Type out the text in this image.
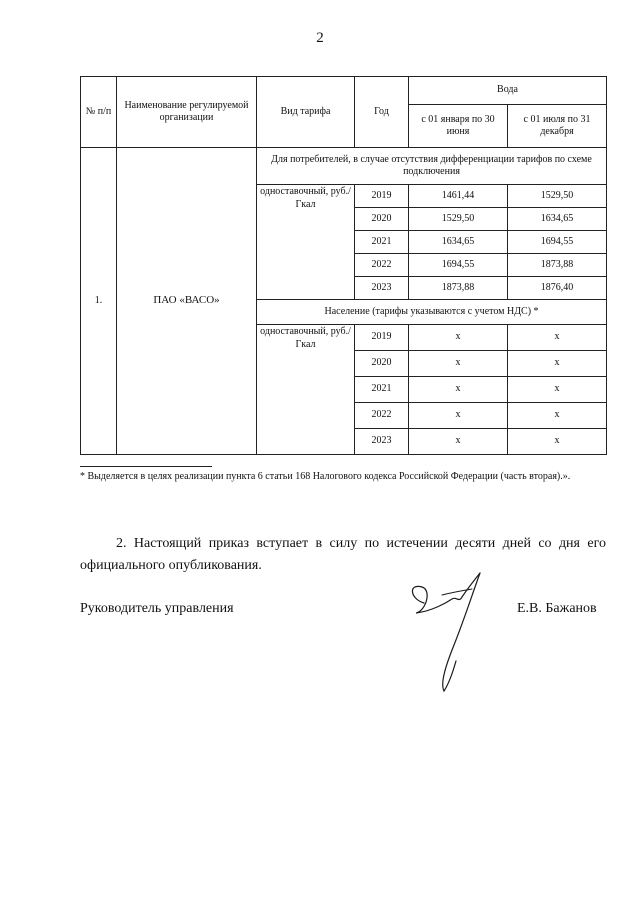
2
№ п/п	Наименование регулируемой организации	Вид тарифа	Год	Вода	
				с 01 января по 30 июня	с 01 июля по 31 декабря
1.	ПАО «ВАСО»	Для потребителей, в случае отсутствия дифференциации тарифов по схеме подключения			
		одноставочный, руб./Гкал	2019	1461,44	1529,50
			2020	1529,50	1634,65
			2021	1634,65	1694,55
			2022	1694,55	1873,88
			2023	1873,88	1876,40
		Население (тарифы указываются с учетом НДС) *			
		одноставочный, руб./Гкал	2019	х	х
			2020	х	х
			2021	х	х
			2022	х	х
			2023	х	х
* Выделяется в целях реализации пункта 6 статьи 168 Налогового кодекса Российской Федерации (часть вторая).».
2. Настоящий приказ вступает в силу по истечении десяти дней со дня его официального опубликования.
Руководитель управления	Е.В. Бажанов
